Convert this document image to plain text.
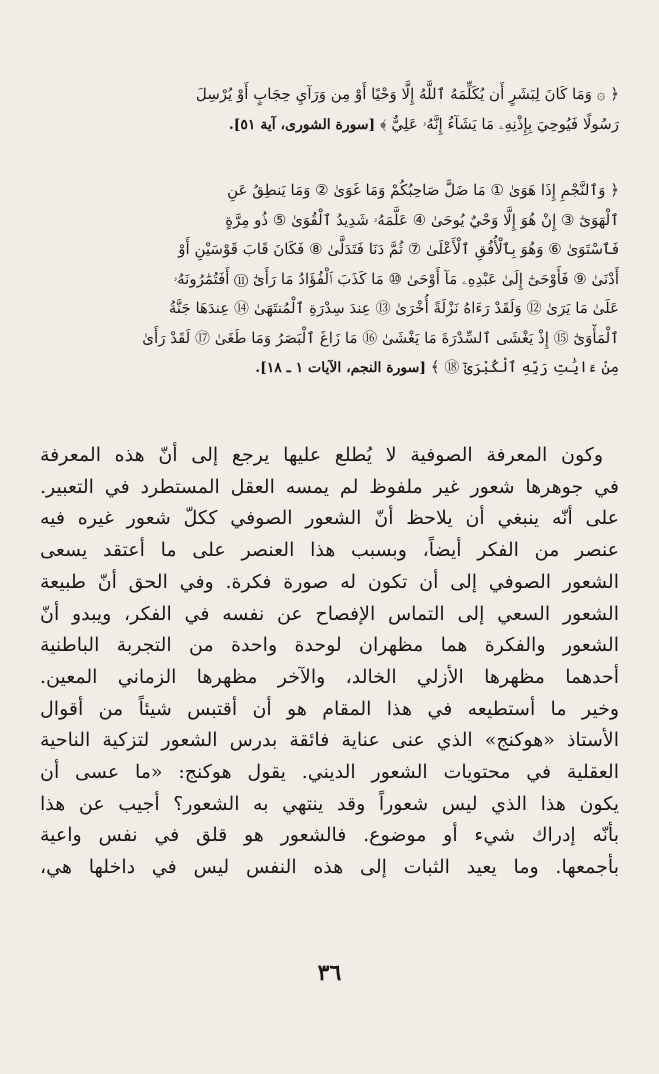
﴿ ۞ وَمَا كَانَ لِبَشَرٍ أَن يُكَلِّمَهُ ٱللَّهُ إِلَّا وَحْيًا أَوْ مِن وَرَآيِ حِجَابٍ أَوْ يُرْسِلَ
رَسُولًا فَيُوحِيَ بِإِذْنِهِۦ مَا يَشَآءُ إِنَّهُۥ عَلِيٌّ ﴾ [سورة الشورى، آية ٥١].
﴿ وَٱلنَّجْمِ إِذَا هَوَىٰ ① مَا ضَلَّ صَاحِبُكُمْ وَمَا غَوَىٰ ② وَمَا يَنطِقُ عَنِ
ٱلْهَوَىٰٓ ③ إِنْ هُوَ إِلَّا وَحْيٌ يُوحَىٰ ④ عَلَّمَهُۥ شَدِيدُ ٱلْقُوَىٰ ⑤ ذُو مِرَّةٍ
فَٱسْتَوَىٰ ⑥ وَهُوَ بِٱلْأُفُقِ ٱلْأَعْلَىٰ ⑦ ثُمَّ دَنَا فَتَدَلَّىٰ ⑧ فَكَانَ قَابَ قَوْسَيْنِ أَوْ
أَدْنَىٰ ⑨ فَأَوْحَىٰٓ إِلَىٰ عَبْدِهِۦ مَآ أَوْحَىٰ ⑩ مَا كَذَبَ ٱلْفُؤَادُ مَا رَأَىٰٓ ⑪ أَفَتُمَٰرُونَهُۥ
عَلَىٰ مَا يَرَىٰ ⑫ وَلَقَدْ رَءَاهُ نَزْلَةً أُخْرَىٰ ⑬ عِندَ سِدْرَةِ ٱلْمُنتَهَىٰ ⑭ عِندَهَا جَنَّةُ
ٱلْمَأْوَىٰٓ ⑮ إِذْ يَغْشَى ٱلسِّدْرَةَ مَا يَغْشَىٰ ⑯ مَا زَاغَ ٱلْبَصَرُ وَمَا طَغَىٰ ⑰ لَقَدْ رَأَىٰ
مِنْ ءَايَٰتِ رَبِّهِ ٱلْكُبْرَىٰٓ ⑱ ﴾ [سورة النجم، الآيات ١ ـ ١٨].
وكون المعرفة الصوفية لا يُطلع عليها يرجع إلى أنّ هذه المعرفة
في جوهرها شعور غير ملفوظ لم يمسه العقل المستطرد في التعبير.
على أنّه ينبغي أن يلاحظ أنّ الشعور الصوفي ككلّ شعور غيره فيه
عنصر من الفكر أيضاً، وبسبب هذا العنصر على ما أعتقد يسعى
الشعور الصوفي إلى أن تكون له صورة فكرة. وفي الحق أنّ طبيعة
الشعور السعي إلى التماس الإفصاح عن نفسه في الفكر، ويبدو أنّ
الشعور والفكرة هما مظهران لوحدة واحدة من التجربة الباطنية
أحدهما مظهرها الأزلي الخالد، والآخر مظهرها الزماني المعين.
وخير ما أستطيعه في هذا المقام هو أن أقتبس شيئاً من أقوال
الأستاذ «هوكنج» الذي عنى عناية فائقة بدرس الشعور لتزكية الناحية
العقلية في محتويات الشعور الديني. يقول هوكنج: «ما عسى أن
يكون هذا الذي ليس شعوراً وقد ينتهي به الشعور؟ أجيب عن هذا
بأنّه إدراك شيء أو موضوع. فالشعور هو قلق في نفس واعية
بأجمعها. وما يعيد الثبات إلى هذه النفس ليس في داخلها هي،
٣٦
